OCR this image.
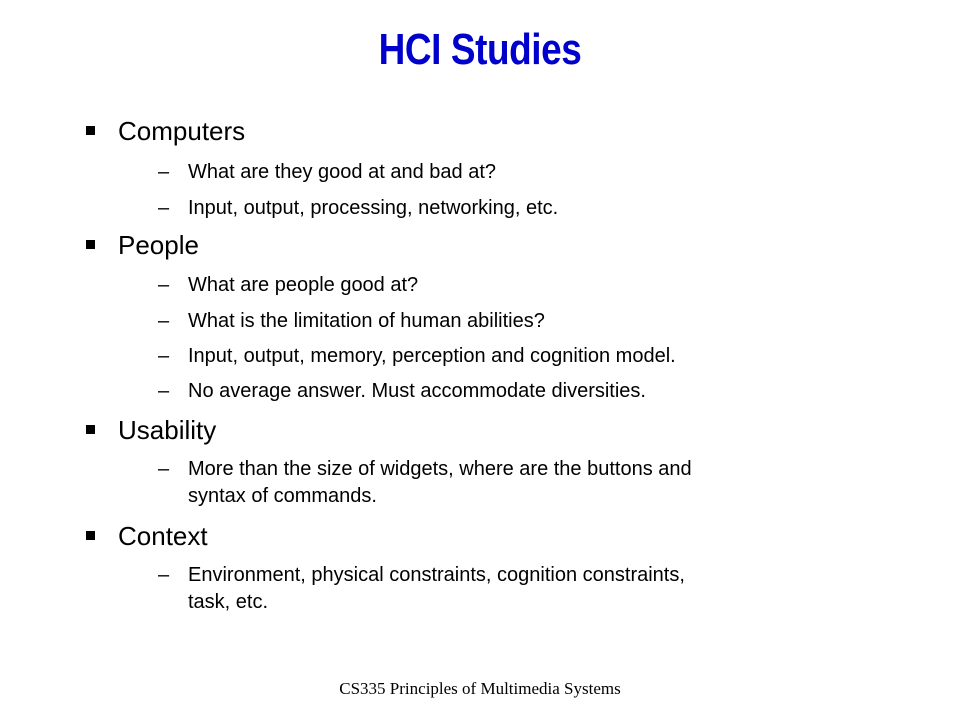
HCI Studies
Computers
– What are they good at and bad at?
– Input, output, processing, networking, etc.
People
– What are people good at?
– What is the limitation of human abilities?
– Input, output, memory, perception and cognition model.
– No average answer. Must accommodate diversities.
Usability
– More than the size of widgets, where are the buttons and
syntax of commands.
Context
– Environment, physical constraints, cognition constraints,
task, etc.
CS335 Principles of Multimedia Systems
